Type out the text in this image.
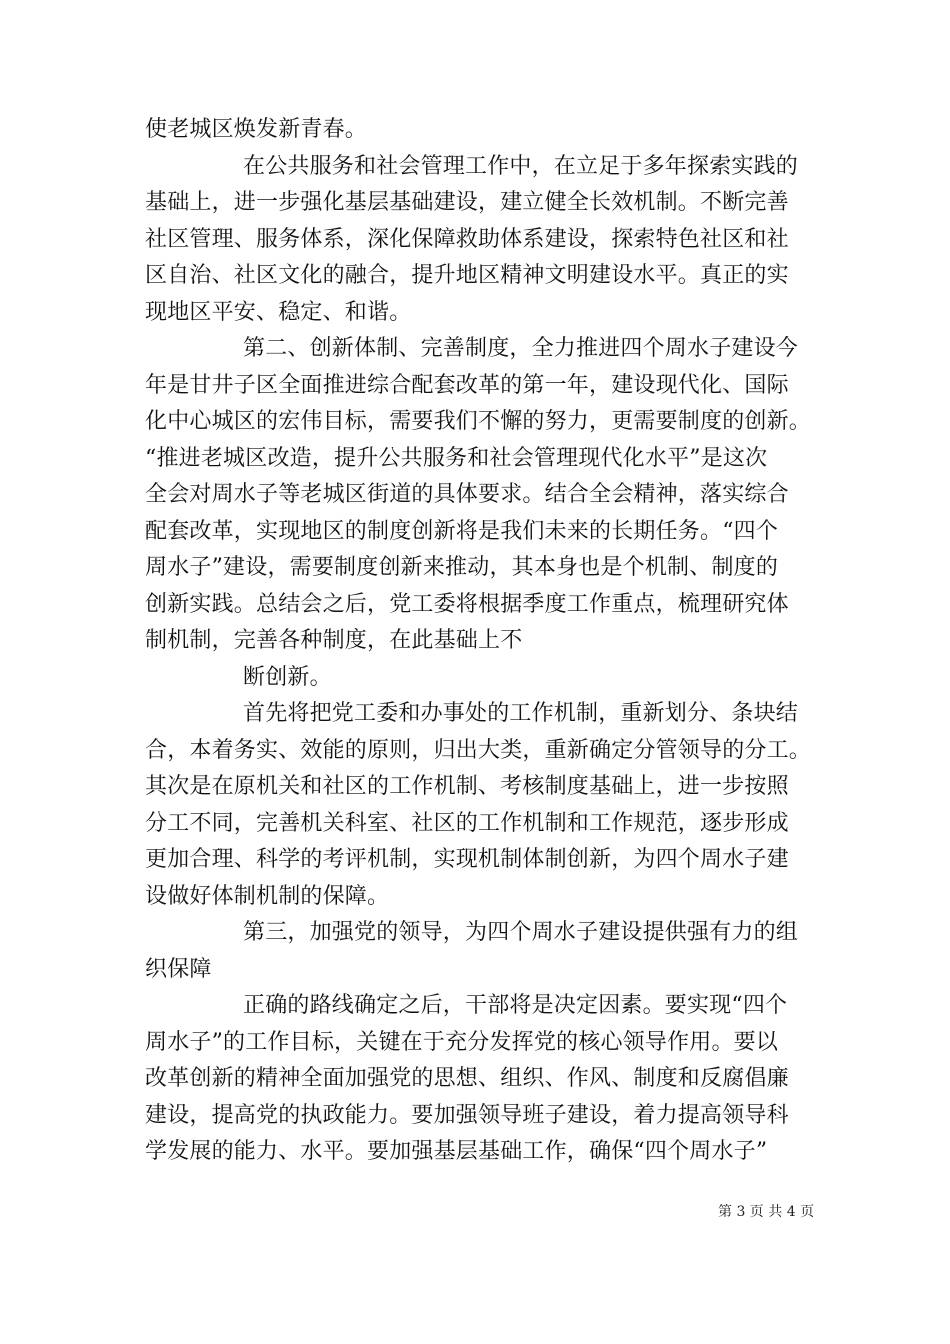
使老城区焕发新青春。
在公共服务和社会管理工作中，在立足于多年探索实践的
基础上，进一步强化基层基础建设，建立健全长效机制。不断完善
社区管理、服务体系，深化保障救助体系建设，探索特色社区和社
区自治、社区文化的融合，提升地区精神文明建设水平。真正的实
现地区平安、稳定、和谐。
第二、创新体制、完善制度，全力推进四个周水子建设今
年是甘井子区全面推进综合配套改革的第一年，建设现代化、国际
化中心城区的宏伟目标，需要我们不懈的努力，更需要制度的创新。
“推进老城区改造，提升公共服务和社会管理现代化水平”是这次
全会对周水子等老城区街道的具体要求。结合全会精神，落实综合
配套改革，实现地区的制度创新将是我们未来的长期任务。“四个
周水子”建设，需要制度创新来推动，其本身也是个机制、制度的
创新实践。总结会之后，党工委将根据季度工作重点，梳理研究体
制机制，完善各种制度，在此基础上不
断创新。
首先将把党工委和办事处的工作机制，重新划分、条块结
合，本着务实、效能的原则，归出大类，重新确定分管领导的分工。
其次是在原机关和社区的工作机制、考核制度基础上，进一步按照
分工不同，完善机关科室、社区的工作机制和工作规范，逐步形成
更加合理、科学的考评机制，实现机制体制创新，为四个周水子建
设做好体制机制的保障。
第三，加强党的领导，为四个周水子建设提供强有力的组
织保障
正确的路线确定之后，干部将是决定因素。要实现“四个
周水子”的工作目标，关键在于充分发挥党的核心领导作用。要以
改革创新的精神全面加强党的思想、组织、作风、制度和反腐倡廉
建设，提高党的执政能力。要加强领导班子建设，着力提高领导科
学发展的能力、水平。要加强基层基础工作，确保“四个周水子”
第 3 页 共 4 页
